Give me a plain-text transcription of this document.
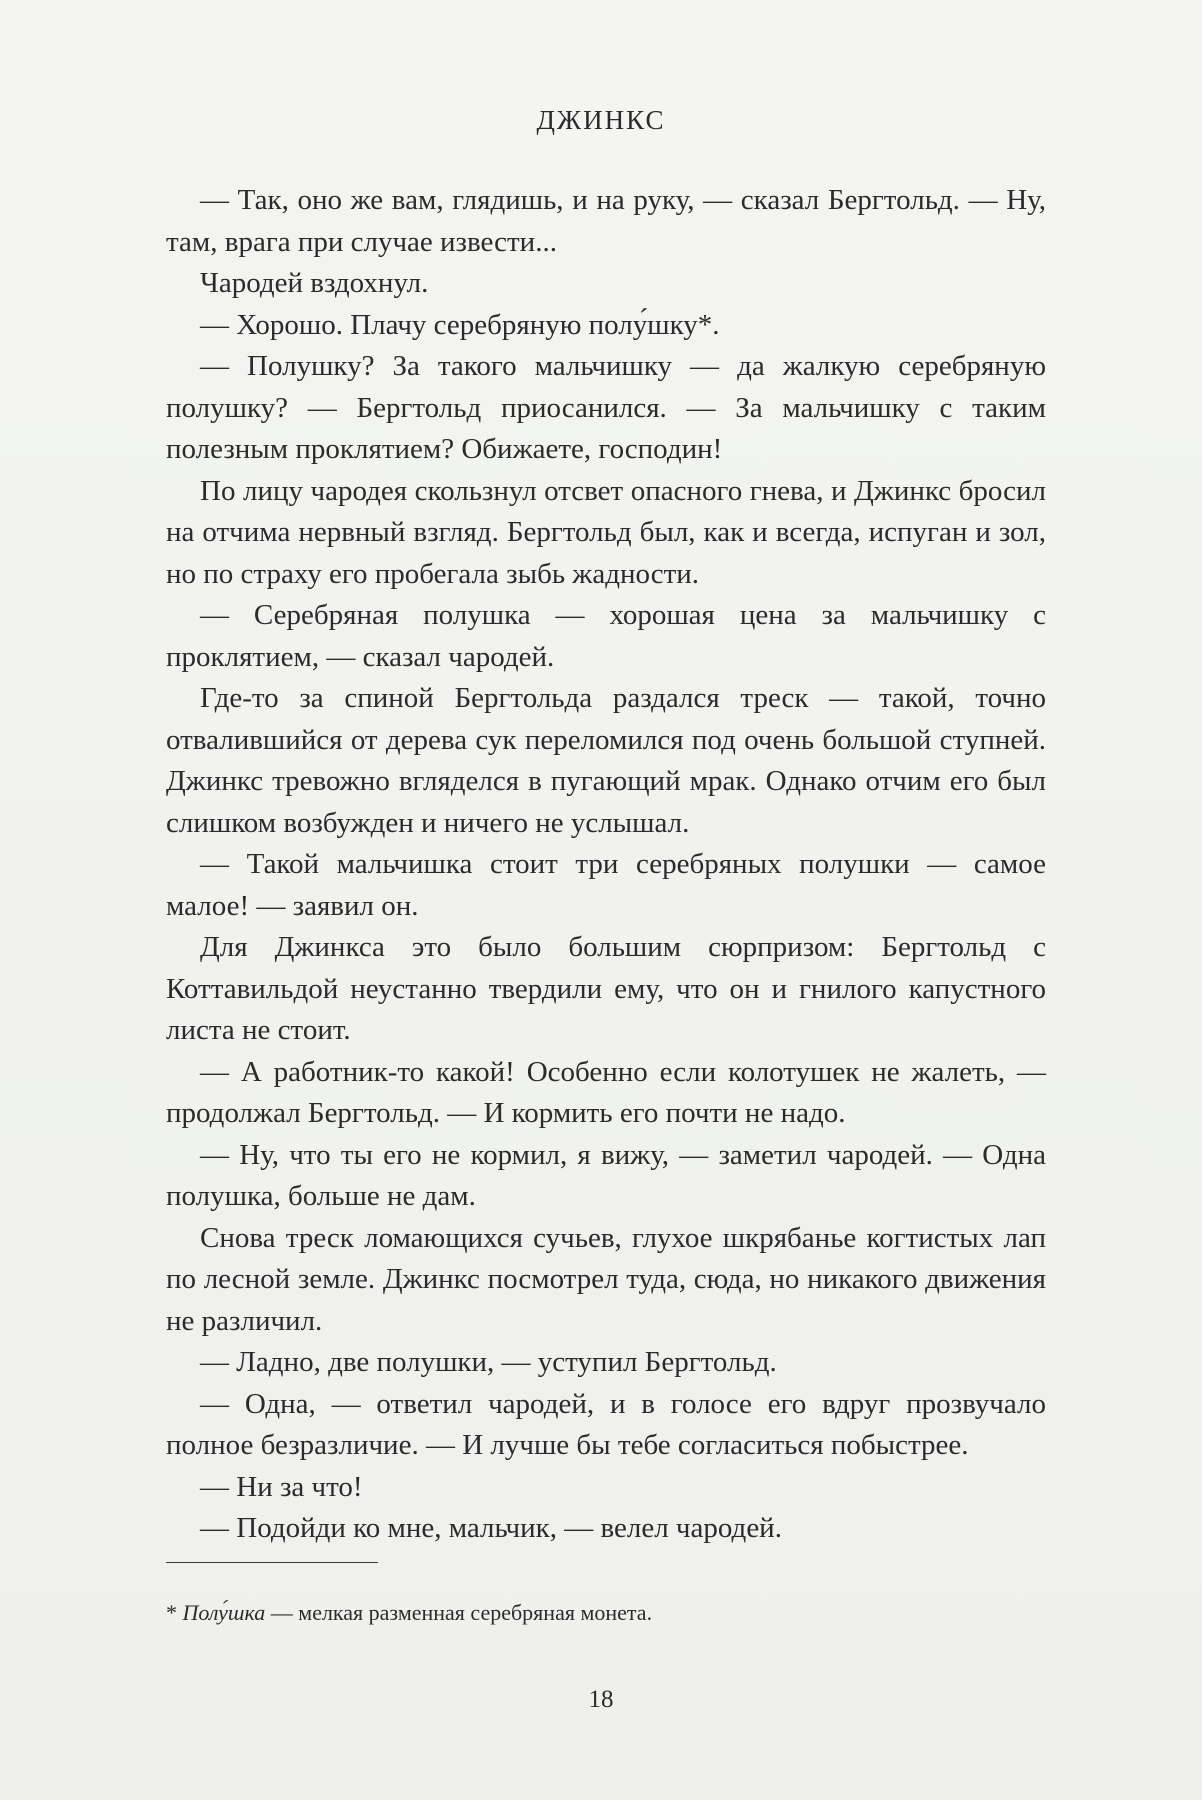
ДЖИНКС

— Так, оно же вам, глядишь, и на руку, — сказал Бергтольд. — Ну, там, врага при случае извести...

Чародей вздохнул.

— Хорошо. Плачу серебряную полу́шку*.

— Полушку? За такого мальчишку — да жалкую серебряную полушку? — Бергтольд приосанился. — За мальчишку с таким полезным проклятием? Обижаете, господин!

По лицу чародея скользнул отсвет опасного гнева, и Джинкс бросил на отчима нервный взгляд. Бергтольд был, как и всегда, испуган и зол, но по страху его пробегала зыбь жадности.

— Серебряная полушка — хорошая цена за мальчишку с проклятием, — сказал чародей.

Где-то за спиной Бергтольда раздался треск — такой, точно отвалившийся от дерева сук переломился под очень большой ступней. Джинкс тревожно вглядeлся в пугающий мрак. Однако отчим его был слишком возбужден и ничего не услышал.

— Такой мальчишка стоит три серебряных полушки — самое малое! — заявил он.

Для Джинкса это было большим сюрпризом: Бергтольд с Коттавильдой неустанно твердили ему, что он и гнилого капустного листа не стоит.

— А работник-то какой! Особенно если колотушек не жалеть, — продолжал Бергтольд. — И кормить его почти не надо.

— Ну, что ты его не кормил, я вижу, — заметил чародей. — Одна полушка, больше не дам.

Снова треск ломающихся сучьев, глухое шкрябанье когтистых лап по лесной земле. Джинкс посмотрел туда, сюда, но никакого движения не различил.

— Ладно, две полушки, — уступил Бергтольд.

— Одна, — ответил чародей, и в голосе его вдруг прозвучало полное безразличие. — И лучше бы тебе согласиться побыстрее.

— Ни за что!

— Подойди ко мне, мальчик, — велел чародей.

* Полу́шка — мелкая разменная серебряная монета.
18
